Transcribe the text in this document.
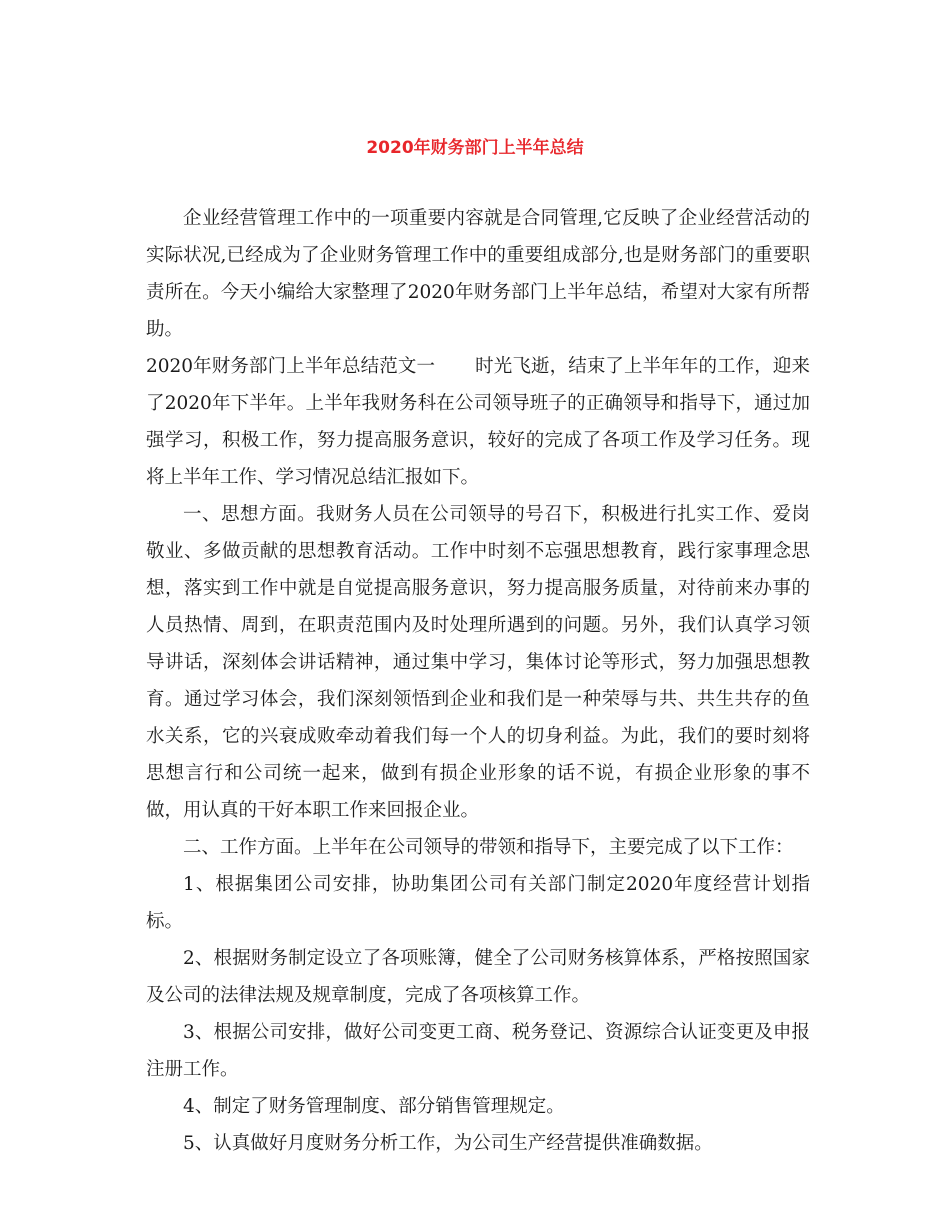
2020年财务部门上半年总结

企业经营管理工作中的一项重要内容就是合同管理,它反映了企业经营活动的实际状况,已经成为了企业财务管理工作中的重要组成部分,也是财务部门的重要职责所在。今天小编给大家整理了2020年财务部门上半年总结，希望对大家有所帮助。

2020年财务部门上半年总结范文一 时光飞逝，结束了上半年年的工作，迎来了2020年下半年。上半年我财务科在公司领导班子的正确领导和指导下，通过加强学习，积极工作，努力提高服务意识，较好的完成了各项工作及学习任务。现将上半年工作、学习情况总结汇报如下。

一、思想方面。我财务人员在公司领导的号召下，积极进行扎实工作、爱岗敬业、多做贡献的思想教育活动。工作中时刻不忘强思想教育，践行家事理念思想，落实到工作中就是自觉提高服务意识，努力提高服务质量，对待前来办事的人员热情、周到，在职责范围内及时处理所遇到的问题。另外，我们认真学习领导讲话，深刻体会讲话精神，通过集中学习，集体讨论等形式，努力加强思想教育。通过学习体会，我们深刻领悟到企业和我们是一种荣辱与共、共生共存的鱼水关系，它的兴衰成败牵动着我们每一个人的切身利益。为此，我们的要时刻将思想言行和公司统一起来，做到有损企业形象的话不说，有损企业形象的事不做，用认真的干好本职工作来回报企业。

二、工作方面。上半年在公司领导的带领和指导下，主要完成了以下工作：

1、根据集团公司安排，协助集团公司有关部门制定2020年度经营计划指标。

2、根据财务制定设立了各项账簿，健全了公司财务核算体系，严格按照国家及公司的法律法规及规章制度，完成了各项核算工作。

3、根据公司安排，做好公司变更工商、税务登记、资源综合认证变更及申报注册工作。

4、制定了财务管理制度、部分销售管理规定。

5、认真做好月度财务分析工作，为公司生产经营提供准确数据。
